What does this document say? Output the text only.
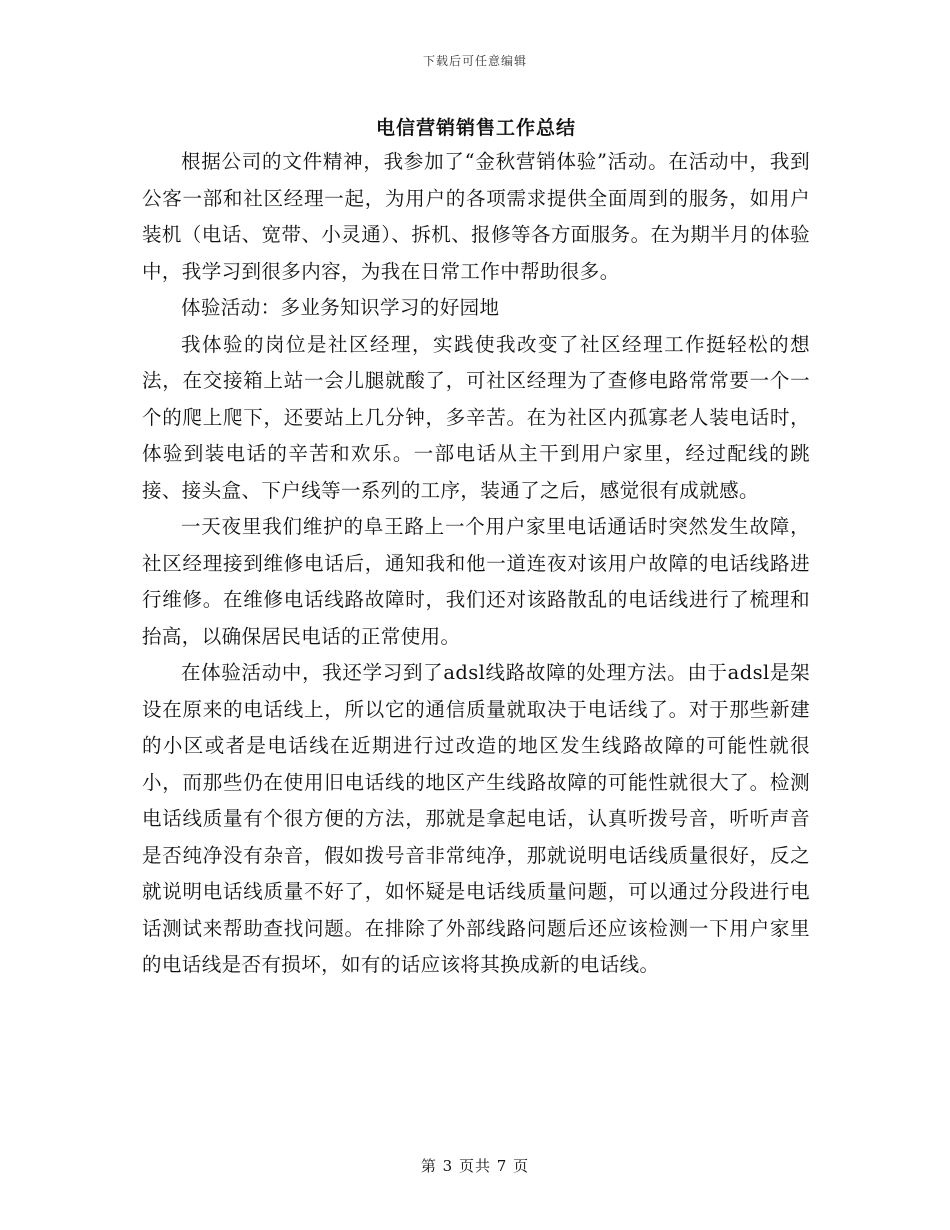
下载后可任意编辑
电信营销销售工作总结

根据公司的文件精神，我参加了“金秋营销体验”活动。在活动中，我到公客一部和社区经理一起，为用户的各项需求提供全面周到的服务，如用户装机（电话、宽带、小灵通）、拆机、报修等各方面服务。在为期半月的体验中，我学习到很多内容，为我在日常工作中帮助很多。

体验活动：多业务知识学习的好园地

我体验的岗位是社区经理，实践使我改变了社区经理工作挺轻松的想法，在交接箱上站一会儿腿就酸了，可社区经理为了查修电路常常要一个一个的爬上爬下，还要站上几分钟，多辛苦。在为社区内孤寡老人装电话时，体验到装电话的辛苦和欢乐。一部电话从主干到用户家里，经过配线的跳接、接头盒、下户线等一系列的工序，装通了之后，感觉很有成就感。

一天夜里我们维护的阜王路上一个用户家里电话通话时突然发生故障，社区经理接到维修电话后，通知我和他一道连夜对该用户故障的电话线路进行维修。在维修电话线路故障时，我们还对该路散乱的电话线进行了梳理和抬高，以确保居民电话的正常使用。

在体验活动中，我还学习到了adsl线路故障的处理方法。由于adsl是架设在原来的电话线上，所以它的通信质量就取决于电话线了。对于那些新建的小区或者是电话线在近期进行过改造的地区发生线路故障的可能性就很小，而那些仍在使用旧电话线的地区产生线路故障的可能性就很大了。检测电话线质量有个很方便的方法，那就是拿起电话，认真听拨号音，听听声音是否纯净没有杂音，假如拨号音非常纯净，那就说明电话线质量很好，反之就说明电话线质量不好了，如怀疑是电话线质量问题，可以通过分段进行电话测试来帮助查找问题。在排除了外部线路问题后还应该检测一下用户家里的电话线是否有损坏，如有的话应该将其换成新的电话线。

第 3 页共 7 页
